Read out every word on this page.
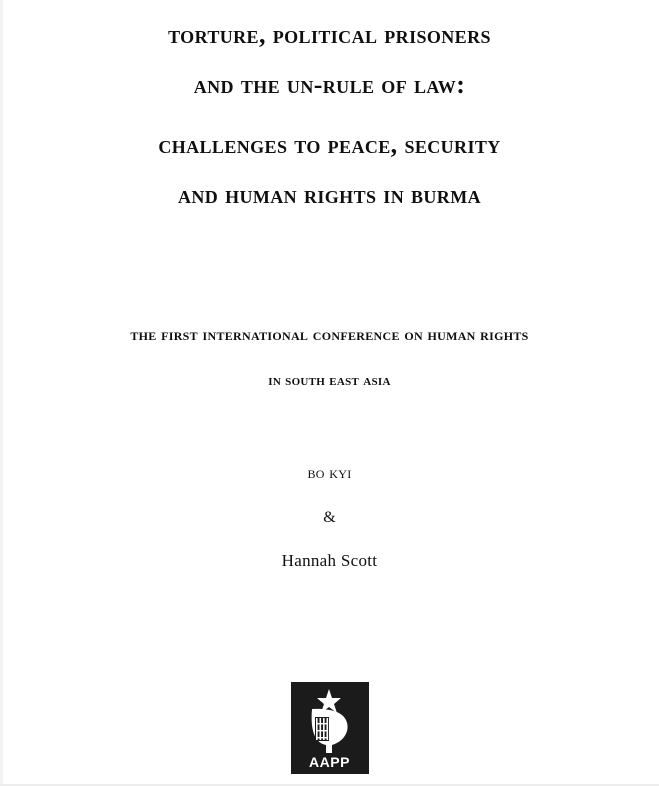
torture, political prisoners
and the un-rule of law:
challenges to peace, security
and human rights in burma
the first international conference on human rights
in south east asia
bo kyi
&
Hannah Scott
AAPP
